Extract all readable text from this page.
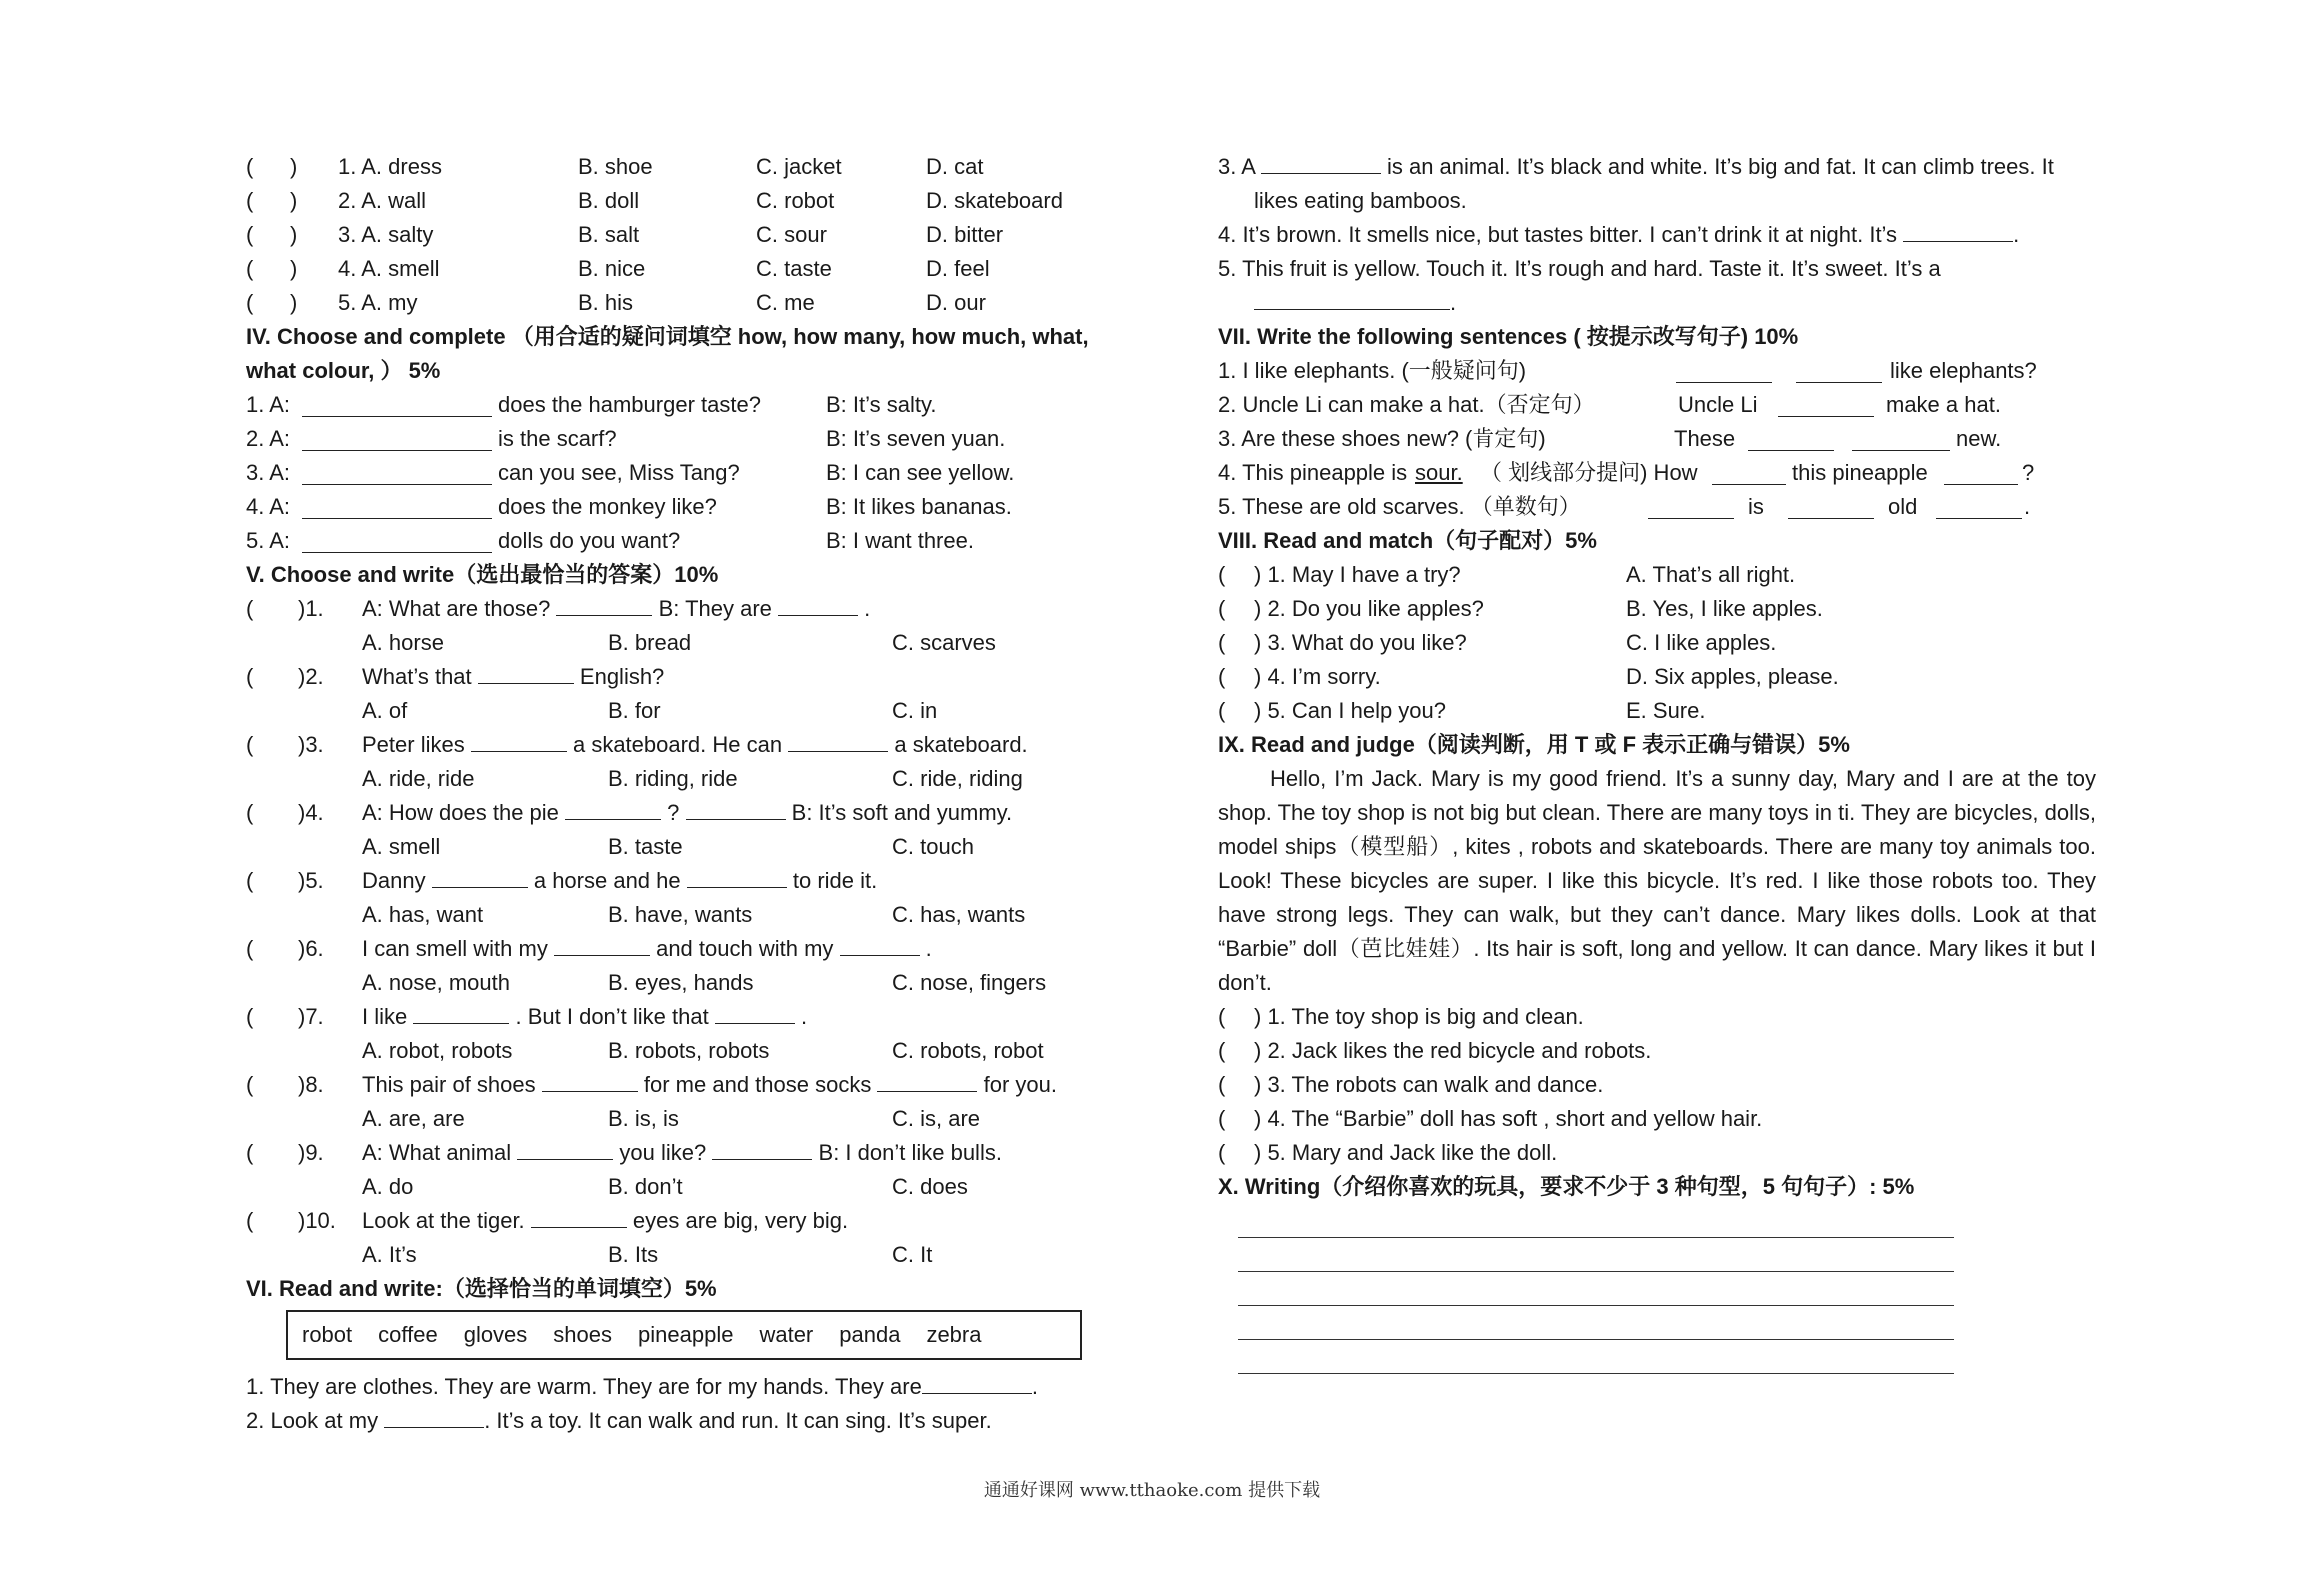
( ) 1. A. dress	B. shoe	C. jacket	D. cat
( ) 2. A. wall	B. doll	C. robot	D. skateboard
( ) 3. A. salty	B. salt	C. sour	D. bitter
( ) 4. A. smell	B. nice	C. taste	D. feel
( ) 5. A. my	B. his	C. me	D. our
IV. Choose and complete （用合适的疑问词填空 how, how many, how much, what,
what colour, ） 5%
1. A:	does the hamburger taste?	B: It’s salty.
2. A:	is the scarf?	B: It’s seven yuan.
3. A:	can you see, Miss Tang?	B: I can see yellow.
4. A:	does the monkey like?	B: It likes bananas.
5. A:	dolls do you want?	B: I want three.
V. Choose and write（选出最恰当的答案）10%
( )1. A: What are those?	B: They are	.
A. horse	B. bread	C. scarves
( )2. What’s that	English?
A. of	B. for	C. in
( )3. Peter likes	a skateboard. He can	a skateboard.
A. ride, ride	B. riding, ride	C. ride, riding
( )4. A: How does the pie	?	B: It’s soft and yummy.
A. smell	B. taste	C. touch
( )5. Danny	a horse and he	to ride it.
A. has, want	B. have, wants	C. has, wants
( )6. I can smell with my	and touch with my	.
A. nose, mouth	B. eyes, hands	C. nose, fingers
( )7. I like	. But I don’t like that	.
A. robot, robots	B. robots, robots	C. robots, robot
( )8. This pair of shoes	for me and those socks	for you.
A. are, are	B. is, is	C. is, are
( )9. A: What animal	you like?	B: I don’t like bulls.
A. do	B. don’t	C. does
( )10. Look at the tiger.	eyes are big, very big.
A. It’s	B. Its	C. It
VI. Read and write:（选择恰当的单词填空）5%
robot coffee gloves shoes pineapple water panda zebra
1. They are clothes. They are warm. They are for my hands. They are	.
2. Look at my	. It’s a toy. It can walk and run. It can sing. It’s super.
3. A	is an animal. It’s black and white. It’s big and fat. It can climb trees. It
likes eating bamboos.
4. It’s brown. It smells nice, but tastes bitter. I can’t drink it at night. It’s	.
5. This fruit is yellow. Touch it. It’s rough and hard. Taste it. It’s sweet. It’s a
.
VII. Write the following sentences ( 按提示改写句子) 10%
1. I like elephants. (一般疑问句)	like elephants?
2. Uncle Li can make a hat.（否定句）	Uncle Li	make a hat.
3. Are these shoes new? (肯定句)	These	new.
4. This pineapple is sour. （ 划线部分提问) How	this pineapple	?
5. These are old scarves. （单数句）	is	old	.
VIII. Read and match（句子配对）5%
( ) 1. May I have a try?	A. That’s all right.
( ) 2. Do you like apples?	B. Yes, I like apples.
( ) 3. What do you like?	C. I like apples.
( ) 4. I’m sorry.	D. Six apples, please.
( ) 5. Can I help you?	E. Sure.
IX. Read and judge（阅读判断，用 T 或 F 表示正确与错误）5%
Hello, I’m Jack. Mary is my good friend. It’s a sunny day, Mary and I are at the toy shop. The toy shop is not big but clean. There are many toys in ti. They are bicycles, dolls, model ships（模型船）, kites , robots and skateboards. There are many toy animals too. Look! These bicycles are super. I like this bicycle. It’s red. I like those robots too. They have strong legs. They can walk, but they can’t dance. Mary likes dolls. Look at that “Barbie” doll（芭比娃娃）. Its hair is soft, long and yellow. It can dance. Mary likes it but I don’t.
( ) 1. The toy shop is big and clean.
( ) 2. Jack likes the red bicycle and robots.
( ) 3. The robots can walk and dance.
( ) 4. The “Barbie” doll has soft , short and yellow hair.
( ) 5. Mary and Jack like the doll.
X. Writing（介绍你喜欢的玩具，要求不少于 3 种句型，5 句句子）: 5%
通通好课网 www.tthaoke.com 提供下载
